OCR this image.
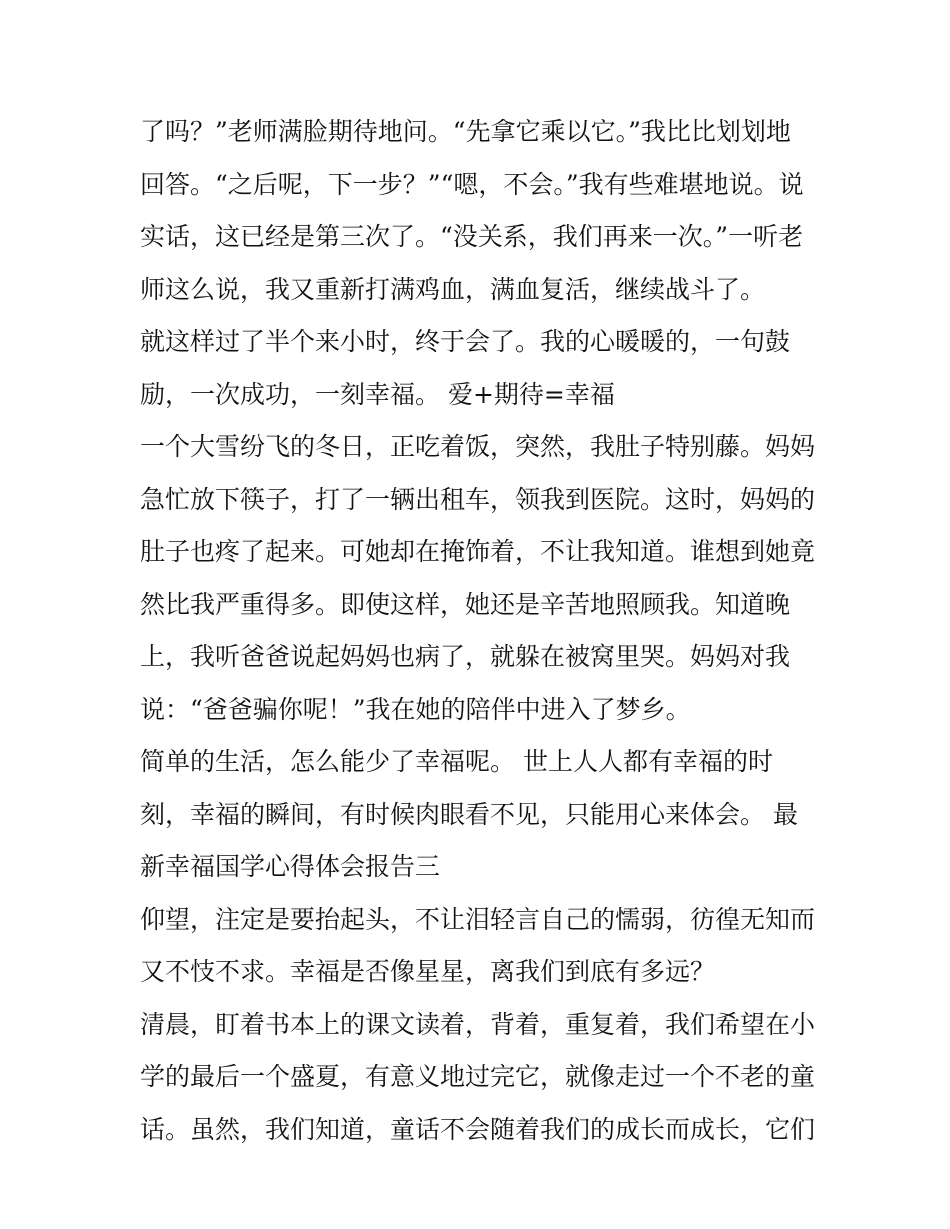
了吗？”老师满脸期待地问。“先拿它乘以它。”我比比划划地
回答。“之后呢，下一步？”“嗯，不会。”我有些难堪地说。说
实话，这已经是第三次了。“没关系，我们再来一次。”一听老
师这么说，我又重新打满鸡血，满血复活，继续战斗了。
就这样过了半个来小时，终于会了。我的心暖暖的，一句鼓
励，一次成功，一刻幸福。 爱+期待=幸福
一个大雪纷飞的冬日，正吃着饭，突然，我肚子特别藤。妈妈
急忙放下筷子，打了一辆出租车，领我到医院。这时，妈妈的
肚子也疼了起来。可她却在掩饰着，不让我知道。谁想到她竟
然比我严重得多。即使这样，她还是辛苦地照顾我。知道晚
上，我听爸爸说起妈妈也病了，就躲在被窝里哭。妈妈对我
说：“爸爸骗你呢！”我在她的陪伴中进入了梦乡。
简单的生活，怎么能少了幸福呢。 世上人人都有幸福的时
刻，幸福的瞬间，有时候肉眼看不见，只能用心来体会。 最
新幸福国学心得体会报告三
仰望，注定是要抬起头，不让泪轻言自己的懦弱，彷徨无知而
又不忮不求。幸福是否像星星，离我们到底有多远？
清晨，盯着书本上的课文读着，背着，重复着，我们希望在小
学的最后一个盛夏，有意义地过完它，就像走过一个不老的童
话。虽然，我们知道，童话不会随着我们的成长而成长，它们
